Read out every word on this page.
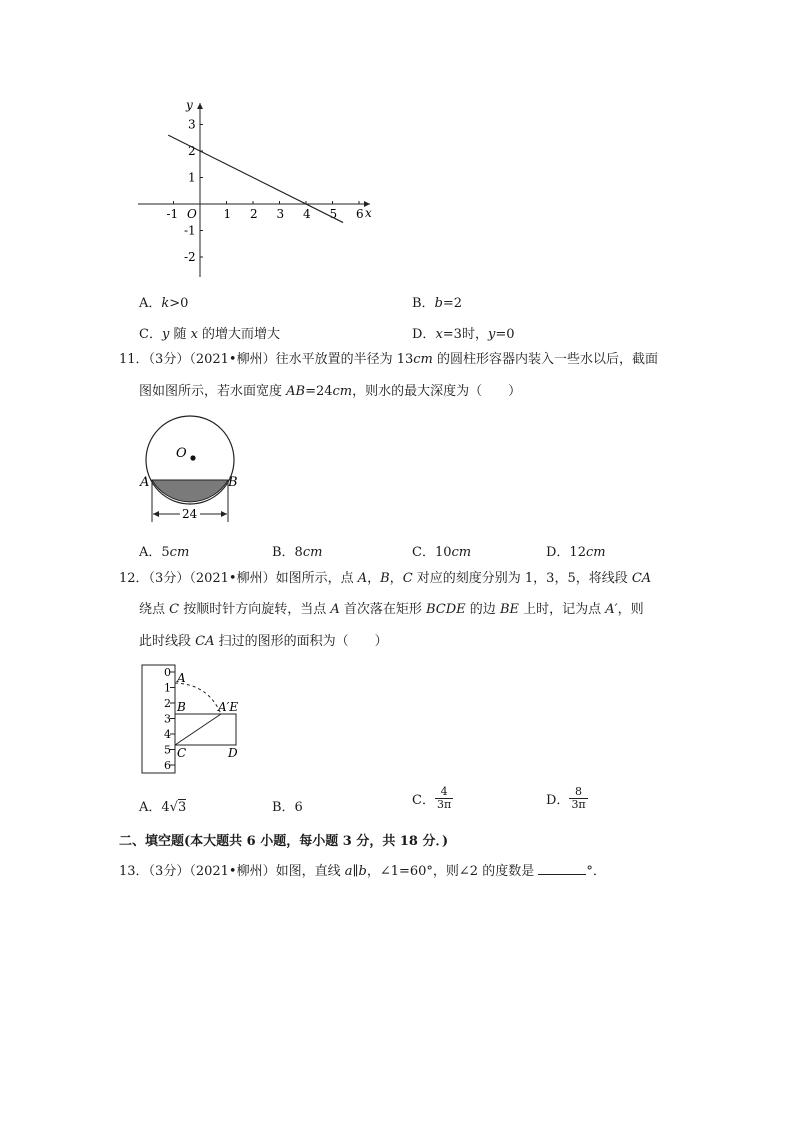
y
x
O
-1	1 2 3 4 5 6
3
2
1
-1
-2
A．k>0	B．b=2
C．y 随 x 的增大而增大	D．x=3时，y=0
11．（3分）（2021•柳州）往水平放置的半径为 13cm 的圆柱形容器内装入一些水以后，截面
图如图所示，若水面宽度 AB=24cm，则水的最大深度为（　　）
O
A	B
24
A．5cm	B．8cm	C．10cm	D．12cm
12．（3分）（2021•柳州）如图所示，点 A，B，C 对应的刻度分别为 1，3，5，将线段 CA
绕点 C 按顺时针方向旋转，当点 A 首次落在矩形 BCDE 的边 BE 上时，记为点 A′，则
此时线段 CA 扫过的图形的面积为（　　）
0
1
2
3
4
5
6
A
B	A′E
C	D
A．4√3	B．6	C． $\frac{4}{3\pi}$	D． $\frac{8}{3\pi}$
二、填空题(本大题共 6 小题，每小题 3 分，共 18 分．)
13．（3分）（2021•柳州）如图，直线 a∥b，∠1=60°，则∠2 的度数是	°．
